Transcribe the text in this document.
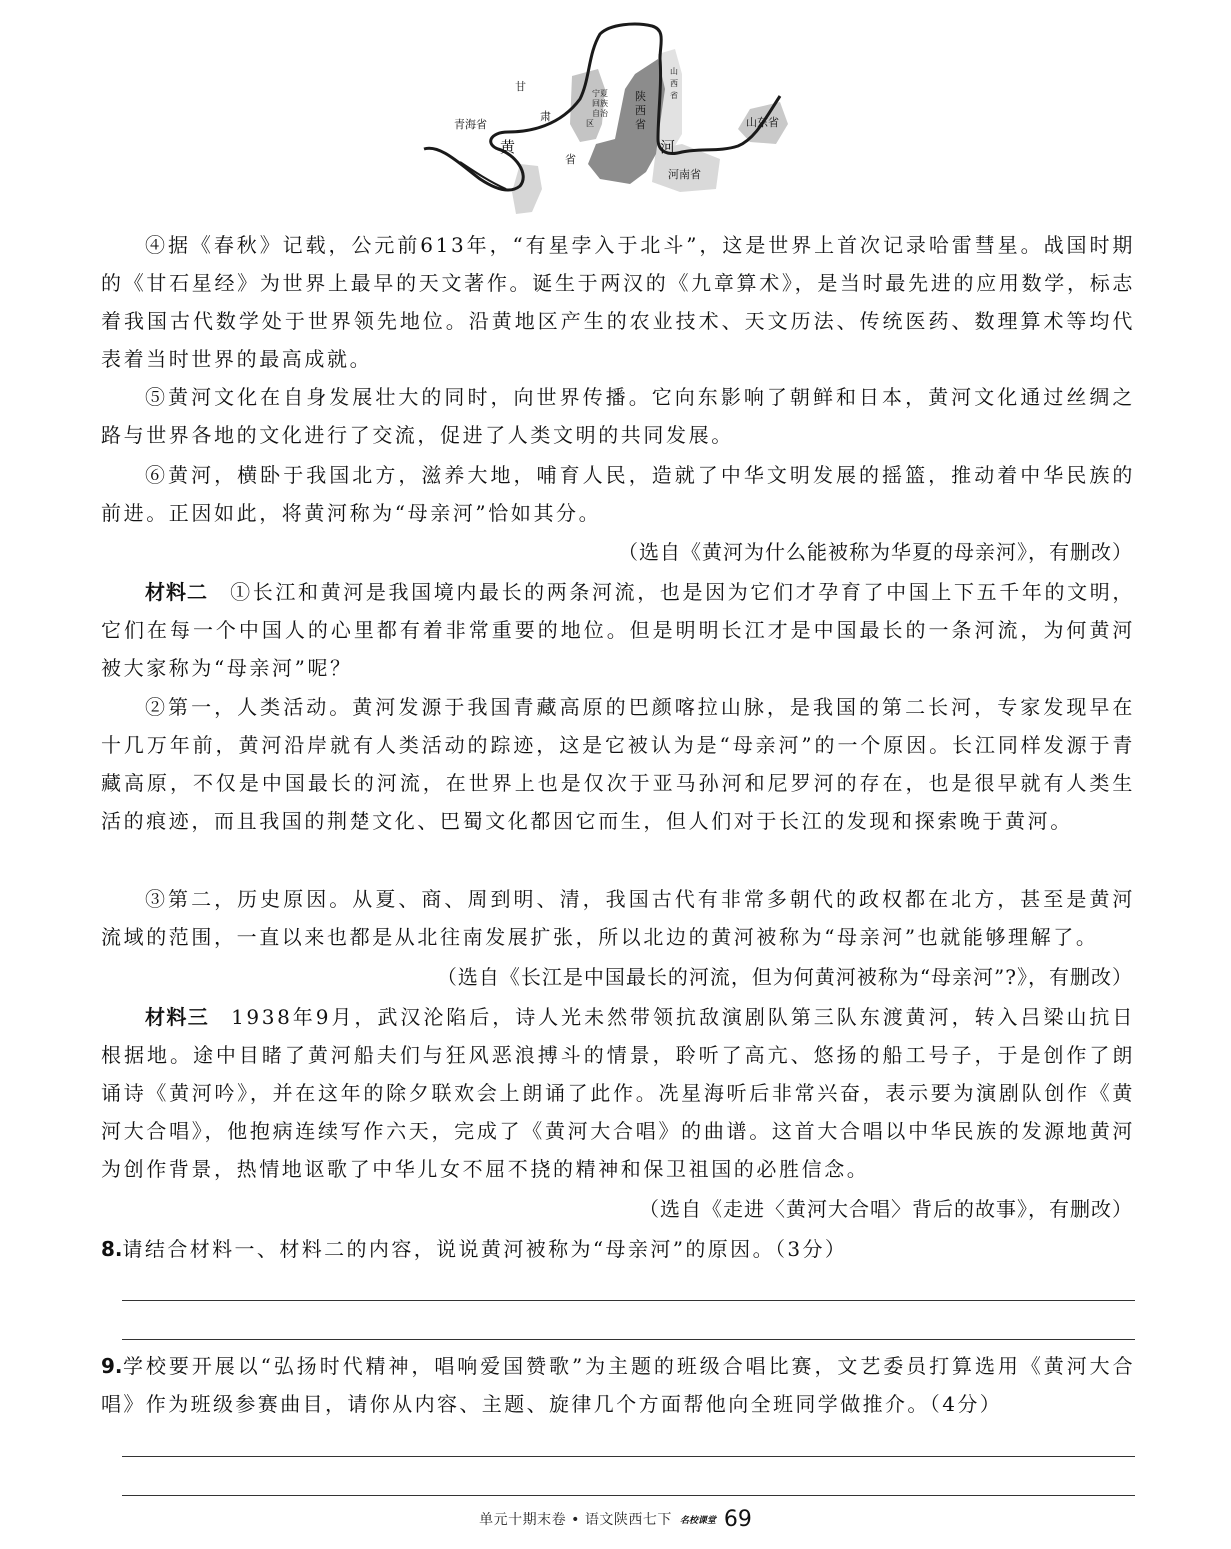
甘
肃
省
青海省
宁夏
回族
自治
区
陕
西
省
山
西
省
山东省
河南省
黄	河

④据《春秋》记载，公元前613年，“有星孛入于北斗”，这是世界上首次记录哈雷彗星。战国时期的《甘石星经》为世界上最早的天文著作。诞生于两汉的《九章算术》，是当时最先进的应用数学，标志着我国古代数学处于世界领先地位。沿黄地区产生的农业技术、天文历法、传统医药、数理算术等均代表着当时世界的最高成就。

⑤黄河文化在自身发展壮大的同时，向世界传播。它向东影响了朝鲜和日本，黄河文化通过丝绸之路与世界各地的文化进行了交流，促进了人类文明的共同发展。

⑥黄河，横卧于我国北方，滋养大地，哺育人民，造就了中华文明发展的摇篮，推动着中华民族的前进。正因如此，将黄河称为“母亲河”恰如其分。

（选自《黄河为什么能被称为华夏的母亲河》，有删改）

材料二 ①长江和黄河是我国境内最长的两条河流，也是因为它们才孕育了中国上下五千年的文明，它们在每一个中国人的心里都有着非常重要的地位。但是明明长江才是中国最长的一条河流，为何黄河被大家称为“母亲河”呢？

②第一，人类活动。黄河发源于我国青藏高原的巴颜喀拉山脉，是我国的第二长河，专家发现早在十几万年前，黄河沿岸就有人类活动的踪迹，这是它被认为是“母亲河”的一个原因。长江同样发源于青藏高原，不仅是中国最长的河流，在世界上也是仅次于亚马孙河和尼罗河的存在，也是很早就有人类生活的痕迹，而且我国的荆楚文化、巴蜀文化都因它而生，但人们对于长江的发现和探索晚于黄河。

③第二，历史原因。从夏、商、周到明、清，我国古代有非常多朝代的政权都在北方，甚至是黄河流域的范围，一直以来也都是从北往南发展扩张，所以北边的黄河被称为“母亲河”也就能够理解了。

（选自《长江是中国最长的河流，但为何黄河被称为“母亲河”?》，有删改）

材料三 1938年9月，武汉沦陷后，诗人光未然带领抗敌演剧队第三队东渡黄河，转入吕梁山抗日根据地。途中目睹了黄河船夫们与狂风恶浪搏斗的情景，聆听了高亢、悠扬的船工号子，于是创作了朗诵诗《黄河吟》，并在这年的除夕联欢会上朗诵了此作。冼星海听后非常兴奋，表示要为演剧队创作《黄河大合唱》，他抱病连续写作六天，完成了《黄河大合唱》的曲谱。这首大合唱以中华民族的发源地黄河为创作背景，热情地讴歌了中华儿女不屈不挠的精神和保卫祖国的必胜信念。

（选自《走进〈黄河大合唱〉背后的故事》，有删改）

8.请结合材料一、材料二的内容，说说黄河被称为“母亲河”的原因。（3分）

9.学校要开展以“弘扬时代精神，唱响爱国赞歌”为主题的班级合唱比赛，文艺委员打算选用《黄河大合唱》作为班级参赛曲目，请你从内容、主题、旋律几个方面帮他向全班同学做推介。（4分）

单元十期末卷 • 语文陕西七下 名校课堂 69
